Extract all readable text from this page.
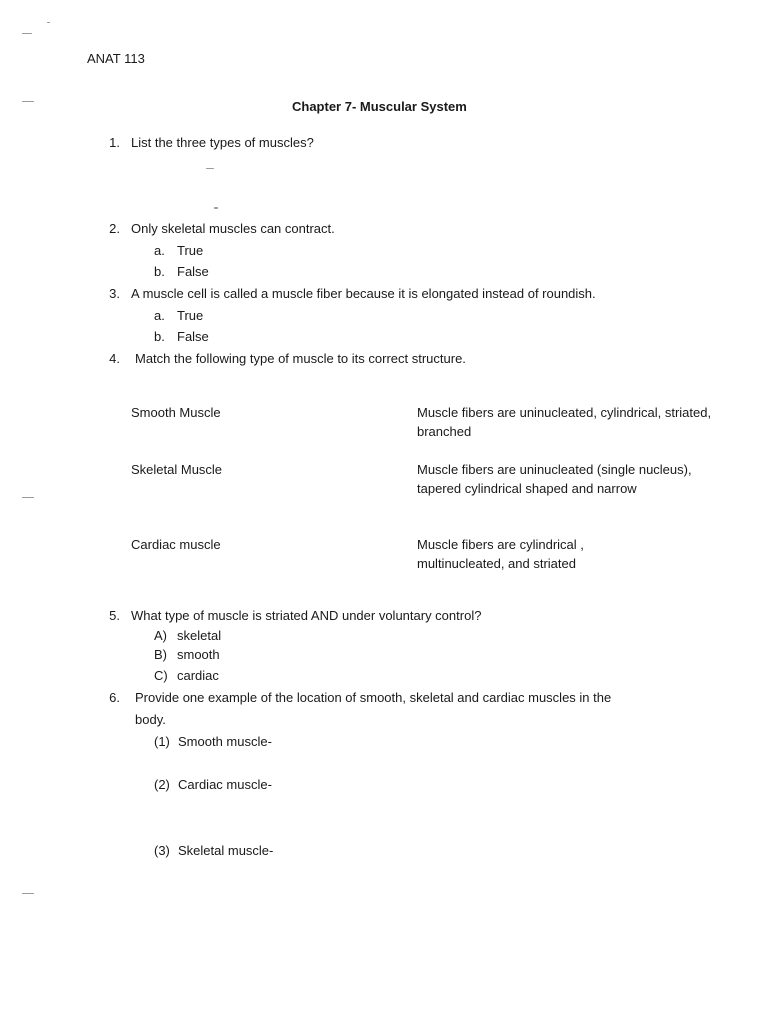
ANAT 113
Chapter 7- Muscular System
1. List the three types of muscles?
2. Only skeletal muscles can contract.
a. True
b. False
3. A muscle cell is called a muscle fiber because it is elongated instead of roundish.
a. True
b. False
4. Match the following type of muscle to its correct structure.
Smooth Muscle
Skeletal Muscle
Cardiac muscle
Muscle fibers are uninucleated, cylindrical, striated, branched
Muscle fibers are uninucleated (single nucleus), tapered cylindrical shaped and narrow
Muscle fibers are cylindrical , multinucleated, and striated
5. What type of muscle is striated AND under voluntary control?
A) skeletal
B) smooth
C) cardiac
6. Provide one example of the location of smooth, skeletal and cardiac muscles in the
body.
(1) Smooth muscle-
(2) Cardiac muscle-
(3) Skeletal muscle-
